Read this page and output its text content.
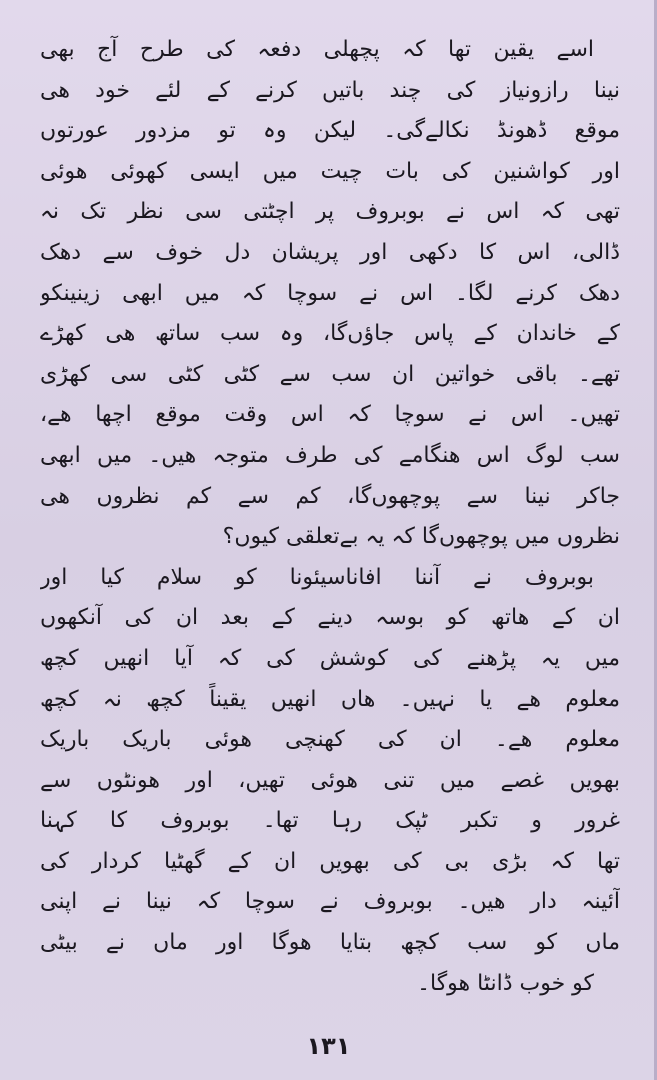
اسے یقین تھا کہ پچھلی دفعہ کی طرح آج بھی
نینا رازونیاز کی چند باتیں کرنے کے لئے خود ھی
موقع ڈھونڈ نکالےگی۔ لیکن وہ تو مزدور عورتوں
اور کواشنین کی بات چیت میں ایسی کھوئی ھوئی
تھی کہ اس نے بوبروف پر اچٹتی سی نظر تک نہ
ڈالی، اس کا دکھی اور پریشان دل خوف سے دھک
دھک کرنے لگا۔ اس نے سوچا کہ میں ابھی زینینکو
کے خاندان کے پاس جاؤں‌گا، وہ سب ساتھ ھی کھڑے
تھے۔ باقی خواتین ان سب سے کٹی کٹی سی کھڑی
تھیں۔ اس نے سوچا کہ اس وقت موقع اچھا ھے،
سب لوگ اس ھنگامے کی طرف متوجہ ھیں۔ میں ابھی
جاکر نینا سے پوچھوں‌گا، کم سے کم نظروں ھی
نظروں میں پوچھوں‌گا کہ یہ بےتعلقی کیوں؟
بوبروف نے آننا افاناسیئونا کو سلام کیا اور
ان کے ھاتھ کو بوسہ دینے کے بعد ان کی آنکھوں
میں یہ پڑھنے کی کوشش کی کہ آیا انھیں کچھ
معلوم ھے یا نہیں۔ ھاں انھیں یقیناً کچھ نہ کچھ
معلوم ھے۔ ان کی کھنچی ھوئی باریک باریک
بھویں غصے میں تنی ھوئی تھیں، اور ھونٹوں سے
غرور و تکبر ٹپک رہا تھا۔ بوبروف کا کہنا
تھا کہ بڑی بی کی بھویں ان کے گھٹیا کردار کی
آئینہ دار ھیں۔ بوبروف نے سوچا کہ نینا نے اپنی
ماں کو سب کچھ بتایا ھوگا اور ماں نے بیٹی
کو خوب ڈانٹا ھوگا۔
۱۳۱
